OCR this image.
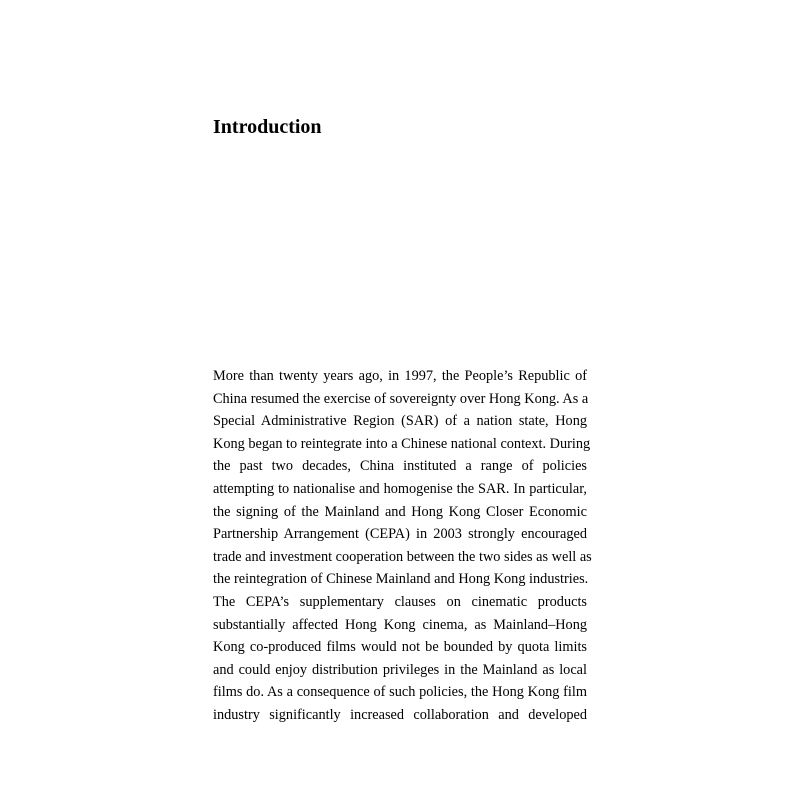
Introduction
More than twenty years ago, in 1997, the People’s Republic of
China resumed the exercise of sovereignty over Hong Kong. As a
Special Administrative Region (SAR) of a nation state, Hong
Kong began to reintegrate into a Chinese national context. During
the past two decades, China instituted a range of policies
attempting to nationalise and homogenise the SAR. In particular,
the signing of the Mainland and Hong Kong Closer Economic
Partnership Arrangement (CEPA) in 2003 strongly encouraged
trade and investment cooperation between the two sides as well as
the reintegration of Chinese Mainland and Hong Kong industries.
The CEPA’s supplementary clauses on cinematic products
substantially affected Hong Kong cinema, as Mainland–Hong
Kong co-produced films would not be bounded by quota limits
and could enjoy distribution privileges in the Mainland as local
films do. As a consequence of such policies, the Hong Kong film
industry significantly increased collaboration and developed
